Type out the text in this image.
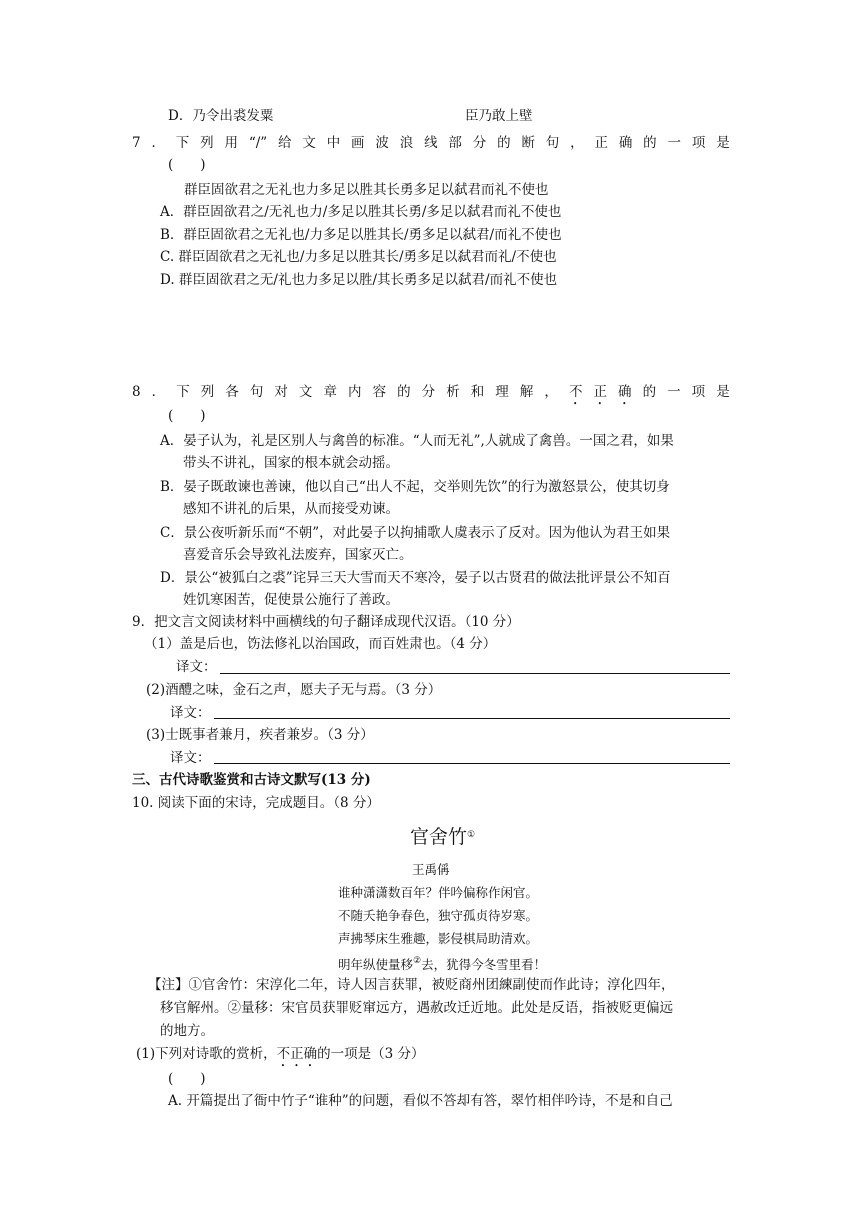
D．乃令出裘发粟	臣乃敢上壁
7 ． 下 列 用 “/” 给 文 中 画 波 浪 线 部 分 的 断 句 ， 正 确 的 一 项 是
(　　)
群臣固欲君之无礼也力多足以胜其长勇多足以弑君而礼不使也
A．群臣固欲君之/无礼也力/多足以胜其长勇/多足以弑君而礼不使也
B．群臣固欲君之无礼也/力多足以胜其长/勇多足以弑君/而礼不使也
C. 群臣固欲君之无礼也/力多足以胜其长/勇多足以弑君而礼/不使也
D. 群臣固欲君之无/礼也力多足以胜/其长勇多足以弑君/而礼不使也
8 ． 下 列 各 句 对 文 章 内 容 的 分 析 和 理 解 ， 不 正 确 的 一 项 是
(　　)
A．晏子认为，礼是区别人与禽兽的标准。“人而无礼”,人就成了禽兽。一国之君，如果
带头不讲礼，国家的根本就会动摇。
B．晏子既敢谏也善谏，他以自己“出人不起，交举则先饮”的行为激怒景公，使其切身
感知不讲礼的后果，从而接受劝谏。
C．景公夜听新乐而“不朝”，对此晏子以拘捕歌人虞表示了反对。因为他认为君王如果
喜爱音乐会导致礼法废弃，国家灭亡。
D．景公“被狐白之裘”诧异三天大雪而天不寒冷，晏子以古贤君的做法批评景公不知百
姓饥寒困苦，促使景公施行了善政。
9．把文言文阅读材料中画横线的句子翻译成现代汉语。（10 分）
（1）盖是后也，饬法修礼以治国政，而百姓肃也。（4 分）
译文：
(2)酒醴之味，金石之声，愿夫子无与焉。（3 分）
译文：
(3)士既事者兼月，疾者兼岁。（3 分）
译文：
三、古代诗歌鉴赏和古诗文默写(13 分)
10. 阅读下面的宋诗，完成题目。（8 分）
官舍竹①
王禹偁
谁种潇潇数百年？伴吟偏称作闲官。
不随夭艳争春色，独守孤贞待岁寒。
声拂琴床生雅趣，影侵棋局助清欢。
明年纵使量移②去，犹得今冬雪里看！
【注】①官舍竹：宋淳化二年，诗人因言获罪，被贬商州团練副使而作此诗；淳化四年，
移官解州。②量移：宋官员获罪贬窜远方，遇赦改迁近地。此处是反语，指被贬更偏远
的地方。
(1)下列对诗歌的赏析，不正确的一项是（3 分）
(　　)
A. 开篇提出了衙中竹子“谁种”的问题，看似不答却有答，翠竹相伴吟诗，不是和自己
